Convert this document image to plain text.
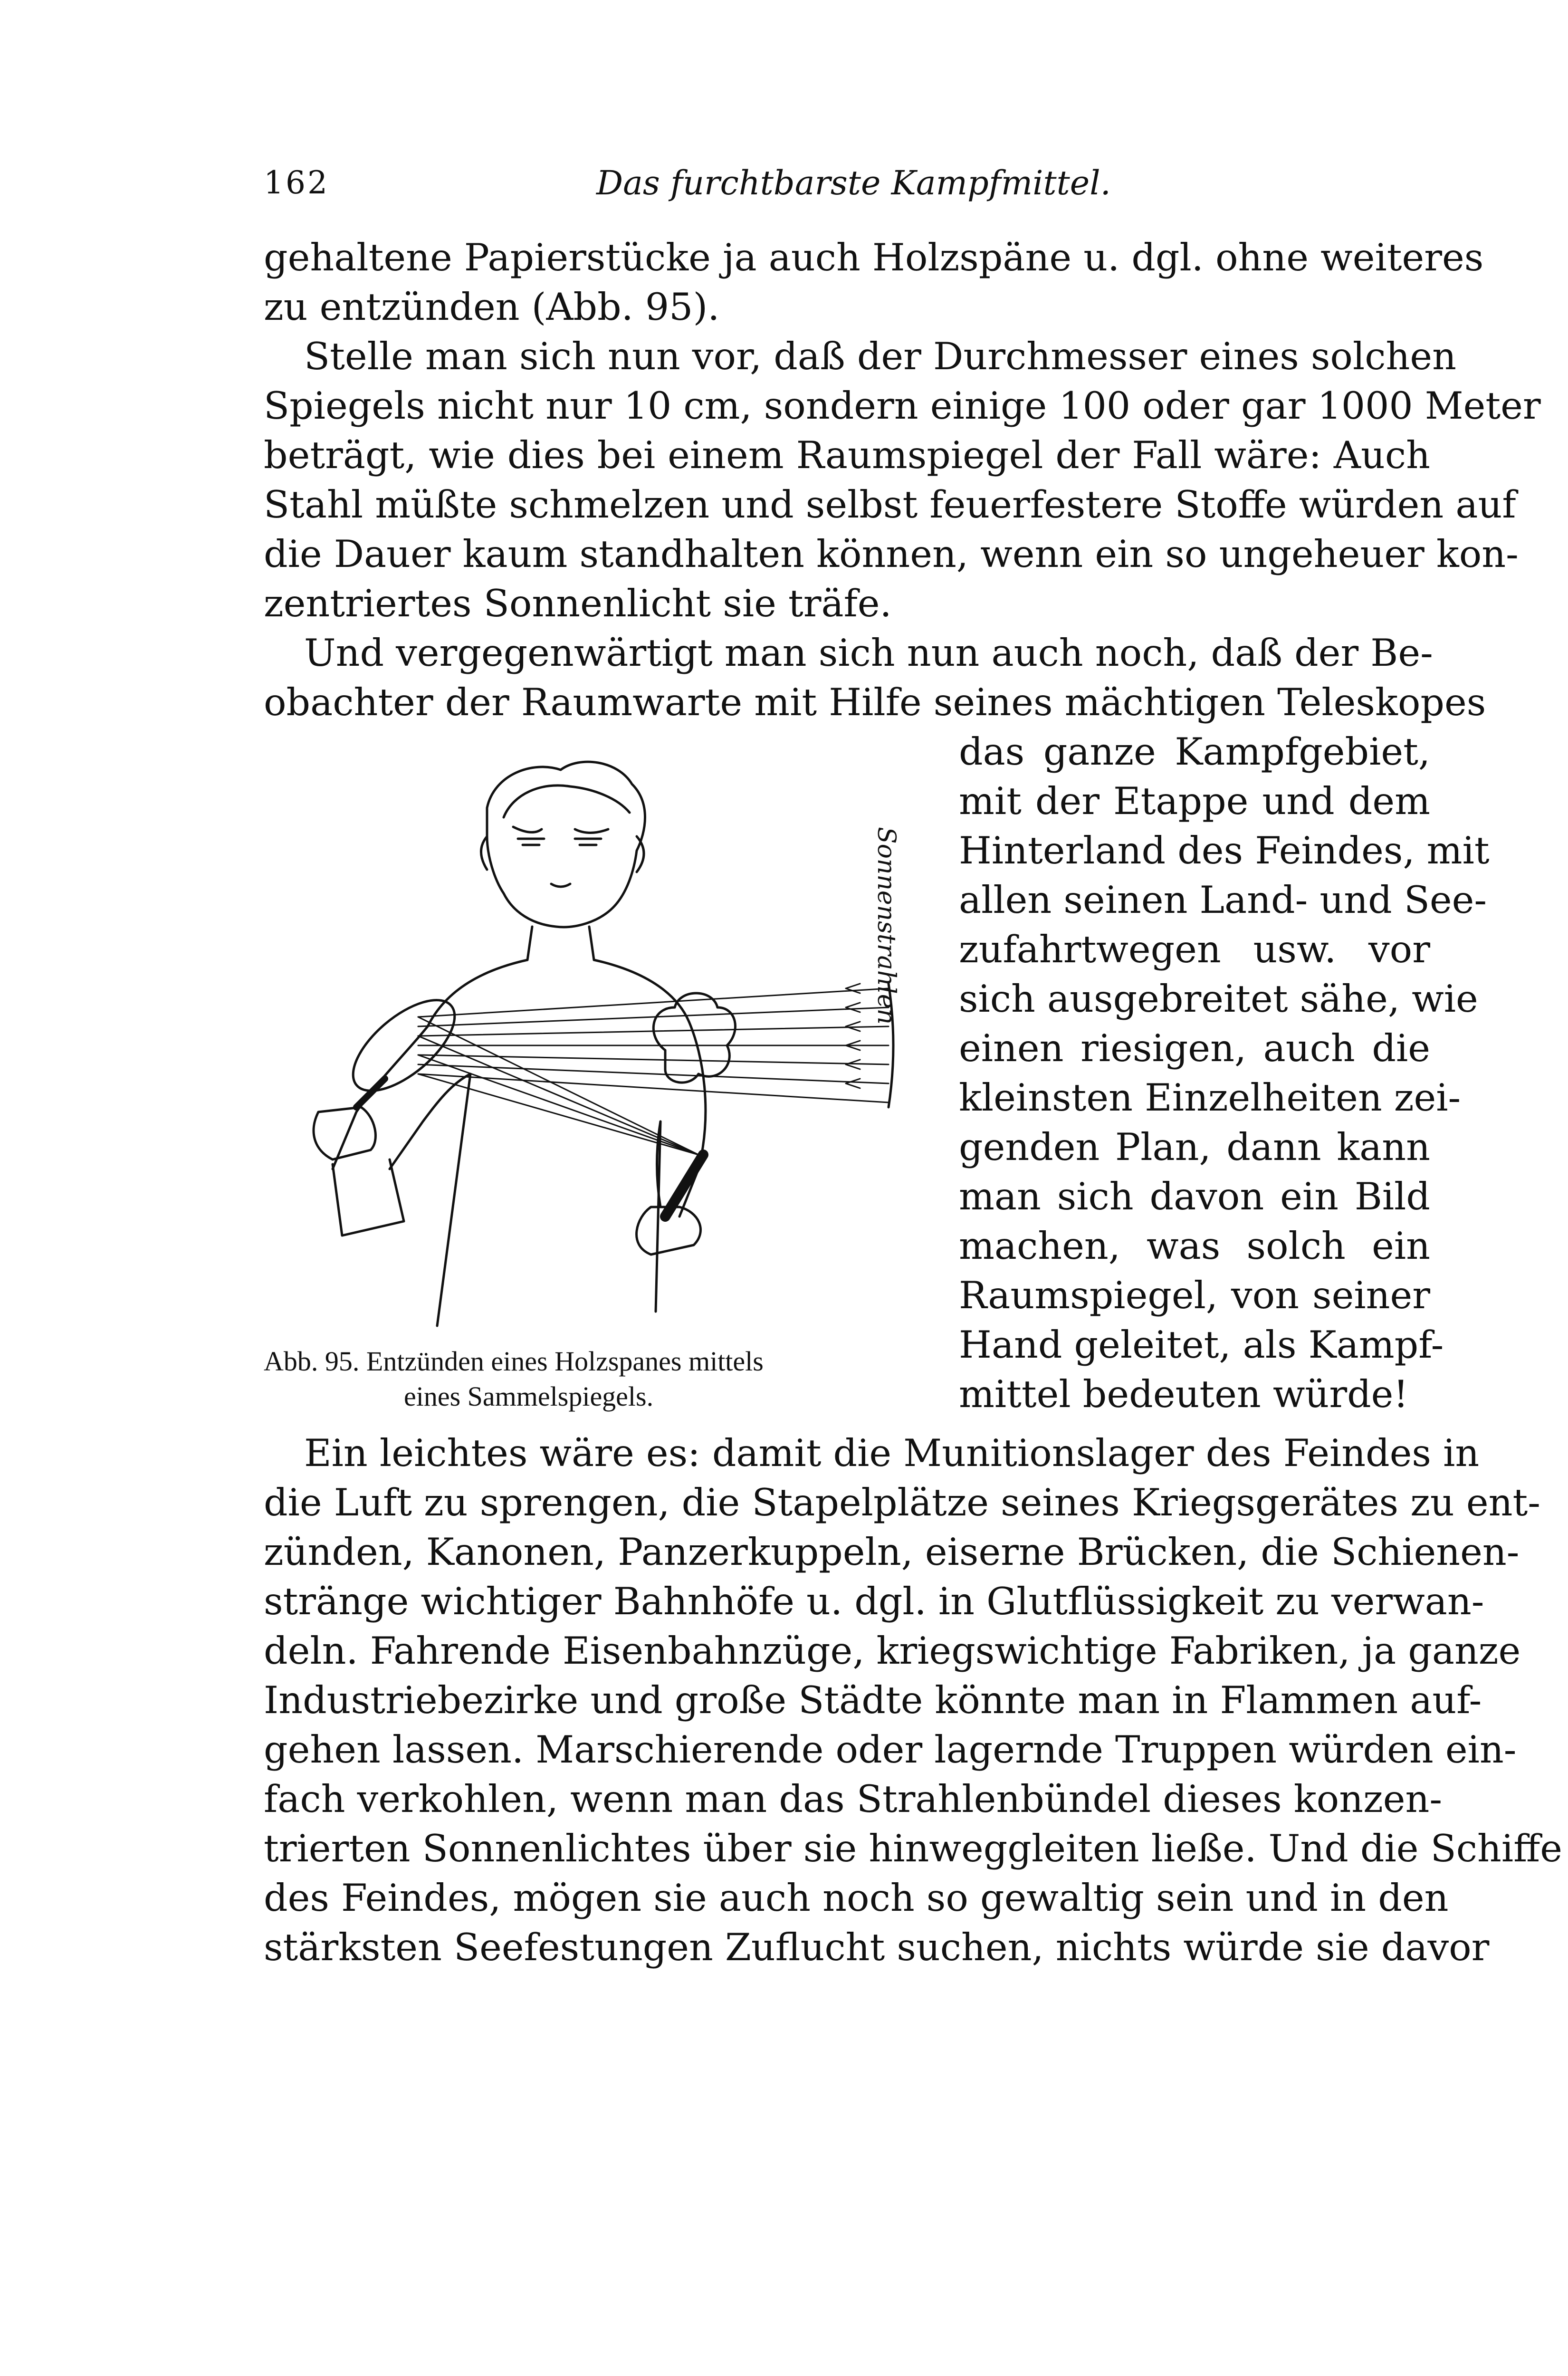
162	Das furchtbarste Kampfmittel.
gehaltene Papierstücke ja auch Holzspäne u. dgl. ohne weiteres
zu entzünden (Abb. 95).
Stelle man sich nun vor, daß der Durchmesser eines solchen
Spiegels nicht nur 10 cm, sondern einige 100 oder gar 1000 Meter
beträgt, wie dies bei einem Raumspiegel der Fall wäre: Auch
Stahl müßte schmelzen und selbst feuerfestere Stoffe würden auf
die Dauer kaum standhalten können, wenn ein so ungeheuer kon-
zentriertes Sonnenlicht sie träfe.
Und vergegenwärtigt man sich nun auch noch, daß der Be-
obachter der Raumwarte mit Hilfe seines mächtigen Teleskopes
das ganze Kampfgebiet,
mit der Etappe und dem
Hinterland des Feindes, mit
allen seinen Land- und See-
zufahrtwegen usw. vor
sich ausgebreitet sähe, wie
einen riesigen, auch die
kleinsten Einzelheiten zei-
genden Plan, dann kann
man sich davon ein Bild
machen, was solch ein
Raumspiegel, von seiner
Hand geleitet, als Kampf-
mittel bedeuten würde!
Ein leichtes wäre es: damit die Munitionslager des Feindes in
die Luft zu sprengen, die Stapelplätze seines Kriegsgerätes zu ent-
zünden, Kanonen, Panzerkuppeln, eiserne Brücken, die Schienen-
stränge wichtiger Bahnhöfe u. dgl. in Glutflüssigkeit zu verwan-
deln. Fahrende Eisenbahnzüge, kriegswichtige Fabriken, ja ganze
Industriebezirke und große Städte könnte man in Flammen auf-
gehen lassen. Marschierende oder lagernde Truppen würden ein-
fach verkohlen, wenn man das Strahlenbündel dieses konzen-
trierten Sonnenlichtes über sie hinweggleiten ließe. Und die Schiffe
des Feindes, mögen sie auch noch so gewaltig sein und in den
stärksten Seefestungen Zuflucht suchen, nichts würde sie davor
Sonnenstrahlen
Abb. 95. Entzünden eines Holzspanes mittels
eines Sammelspiegels.
